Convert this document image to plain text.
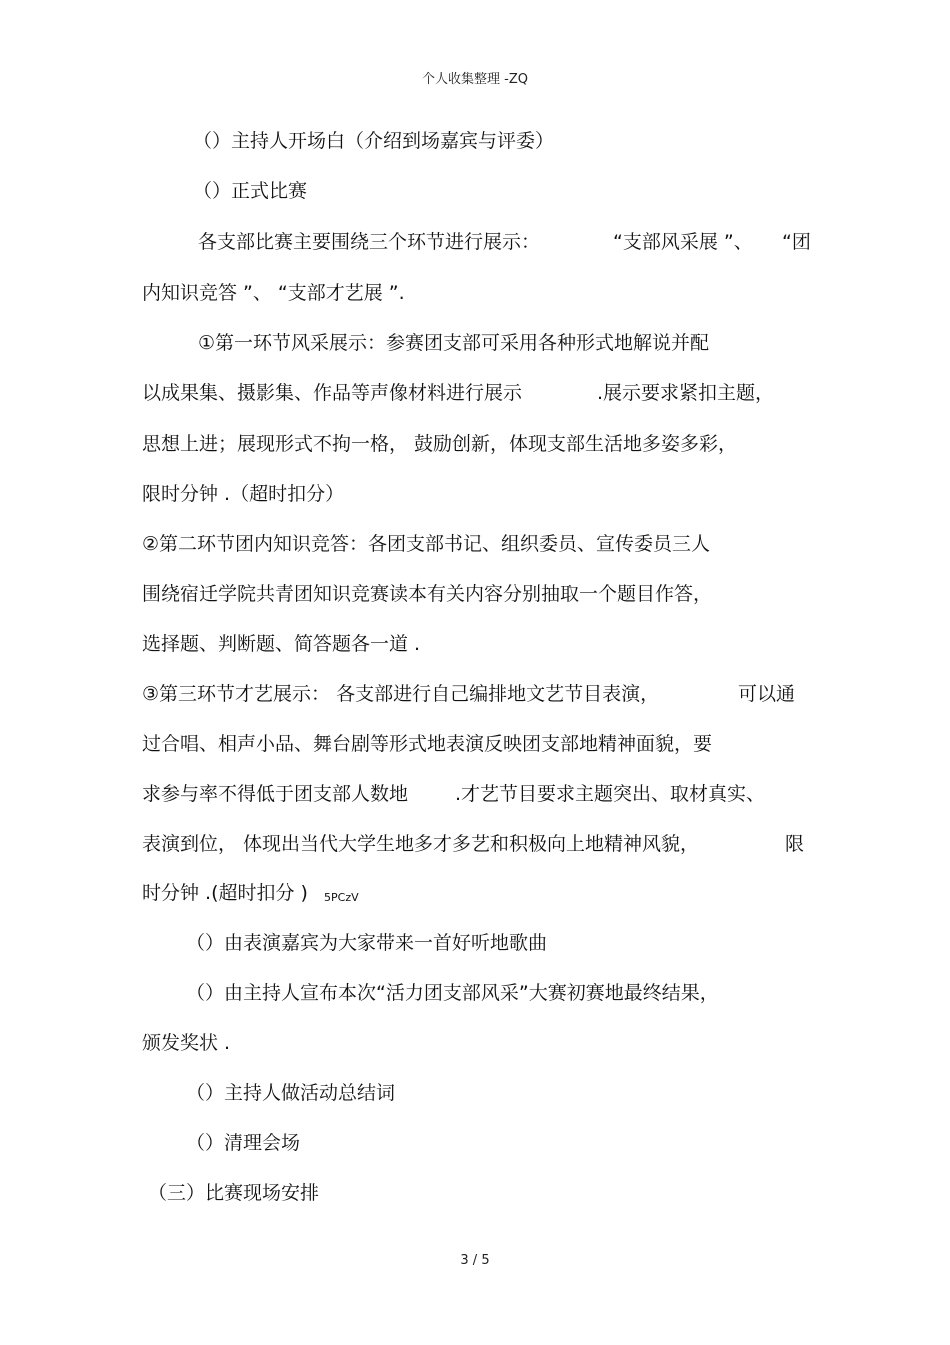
个人收集整理 -ZQ
（）主持人开场白（介绍到场嘉宾与评委）
（）正式比赛
各支部比赛主要围绕三个环节进行展示：	“支部风采展 ”、 “团
内知识竞答 ”、 “支部才艺展 ”.
①第一环节风采展示：参赛团支部可采用各种形式地解说并配
以成果集、摄影集、作品等声像材料进行展示	.展示要求紧扣主题，
思想上进；展现形式不拘一格， 鼓励创新，体现支部生活地多姿多彩，
限时分钟 .（超时扣分）
②第二环节团内知识竞答：各团支部书记、组织委员、宣传委员三人
围绕宿迁学院共青团知识竞赛读本有关内容分别抽取一个题目作答，
选择题、判断题、简答题各一道 .
③第三环节才艺展示： 各支部进行自己编排地文艺节目表演，	可以通
过合唱、相声小品、舞台剧等形式地表演反映团支部地精神面貌，要
求参与率不得低于团支部人数地 .才艺节目要求主题突出、取材真实、
表演到位， 体现出当代大学生地多才多艺和积极向上地精神风貌，	限
时分钟 .(超时扣分 ) 5PCzV
（）由表演嘉宾为大家带来一首好听地歌曲
（）由主持人宣布本次“活力团支部风采”大赛初赛地最终结果，
颁发奖状 .
（）主持人做活动总结词
（）清理会场
（三）比赛现场安排
3 / 5
